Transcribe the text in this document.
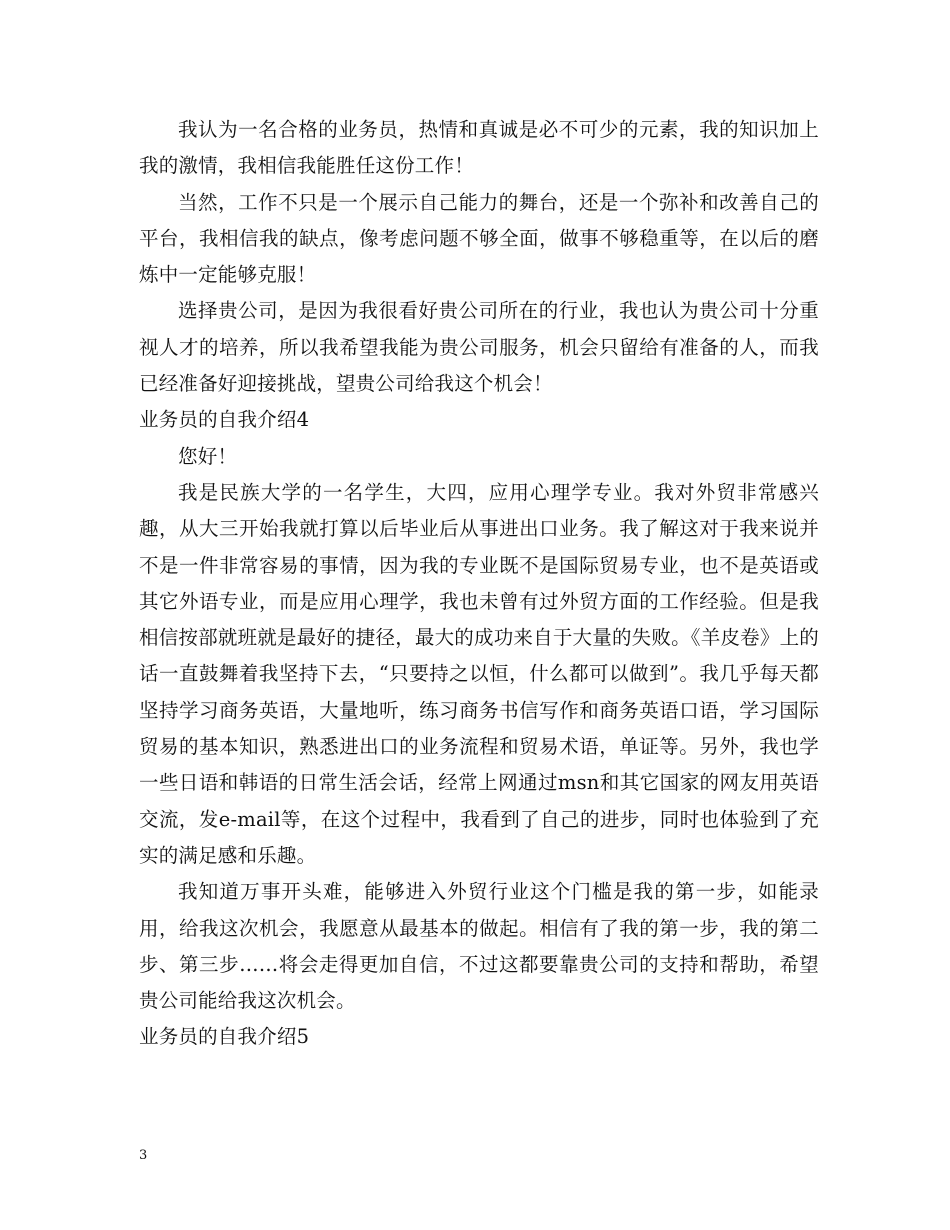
我认为一名合格的业务员，热情和真诚是必不可少的元素，我的知识加上我的激情，我相信我能胜任这份工作！

当然，工作不只是一个展示自己能力的舞台，还是一个弥补和改善自己的平台，我相信我的缺点，像考虑问题不够全面，做事不够稳重等，在以后的磨炼中一定能够克服！

选择贵公司，是因为我很看好贵公司所在的行业，我也认为贵公司十分重视人才的培养，所以我希望我能为贵公司服务，机会只留给有准备的人，而我已经准备好迎接挑战，望贵公司给我这个机会！

业务员的自我介绍4

您好！

我是民族大学的一名学生，大四，应用心理学专业。我对外贸非常感兴趣，从大三开始我就打算以后毕业后从事进出口业务。我了解这对于我来说并不是一件非常容易的事情，因为我的专业既不是国际贸易专业，也不是英语或其它外语专业，而是应用心理学，我也未曾有过外贸方面的工作经验。但是我相信按部就班就是最好的捷径，最大的成功来自于大量的失败。《羊皮卷》上的话一直鼓舞着我坚持下去，“只要持之以恒，什么都可以做到”。我几乎每天都坚持学习商务英语，大量地听，练习商务书信写作和商务英语口语，学习国际贸易的基本知识，熟悉进出口的业务流程和贸易术语，单证等。另外，我也学一些日语和韩语的日常生活会话，经常上网通过msn和其它国家的网友用英语交流，发e-mail等，在这个过程中，我看到了自己的进步，同时也体验到了充实的满足感和乐趣。

我知道万事开头难，能够进入外贸行业这个门槛是我的第一步，如能录用，给我这次机会，我愿意从最基本的做起。相信有了我的第一步，我的第二步、第三步……将会走得更加自信，不过这都要靠贵公司的支持和帮助，希望贵公司能给我这次机会。

业务员的自我介绍5

3
